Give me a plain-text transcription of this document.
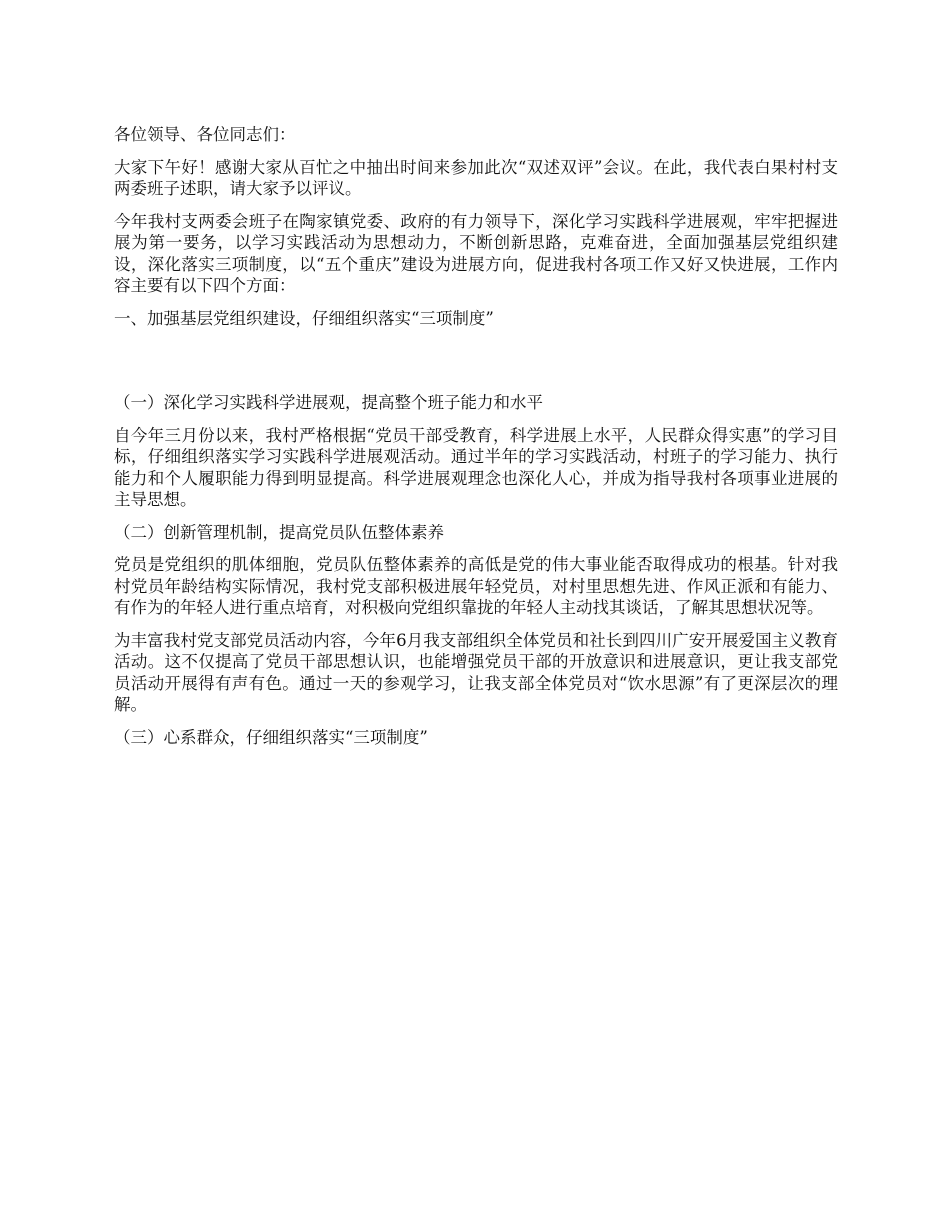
各位领导、各位同志们：

大家下午好！感谢大家从百忙之中抽出时间来参加此次“双述双评”会议。在此，我代表白果村村支两委班子述职，请大家予以评议。

今年我村支两委会班子在陶家镇党委、政府的有力领导下，深化学习实践科学进展观，牢牢把握进展为第一要务，以学习实践活动为思想动力，不断创新思路，克难奋进，全面加强基层党组织建设，深化落实三项制度，以“五个重庆”建设为进展方向，促进我村各项工作又好又快进展，工作内容主要有以下四个方面：

一、加强基层党组织建设，仔细组织落实“三项制度”

（一）深化学习实践科学进展观，提高整个班子能力和水平

自今年三月份以来，我村严格根据“党员干部受教育，科学进展上水平，人民群众得实惠”的学习目标，仔细组织落实学习实践科学进展观活动。通过半年的学习实践活动，村班子的学习能力、执行能力和个人履职能力得到明显提高。科学进展观理念也深化人心，并成为指导我村各项事业进展的主导思想。

（二）创新管理机制，提高党员队伍整体素养

党员是党组织的肌体细胞，党员队伍整体素养的高低是党的伟大事业能否取得成功的根基。针对我村党员年龄结构实际情况，我村党支部积极进展年轻党员，对村里思想先进、作风正派和有能力、有作为的年轻人进行重点培育，对积极向党组织靠拢的年轻人主动找其谈话，了解其思想状况等。

为丰富我村党支部党员活动内容，今年6月我支部组织全体党员和社长到四川广安开展爱国主义教育活动。这不仅提高了党员干部思想认识，也能增强党员干部的开放意识和进展意识，更让我支部党员活动开展得有声有色。通过一天的参观学习，让我支部全体党员对“饮水思源”有了更深层次的理解。

（三）心系群众，仔细组织落实“三项制度”
